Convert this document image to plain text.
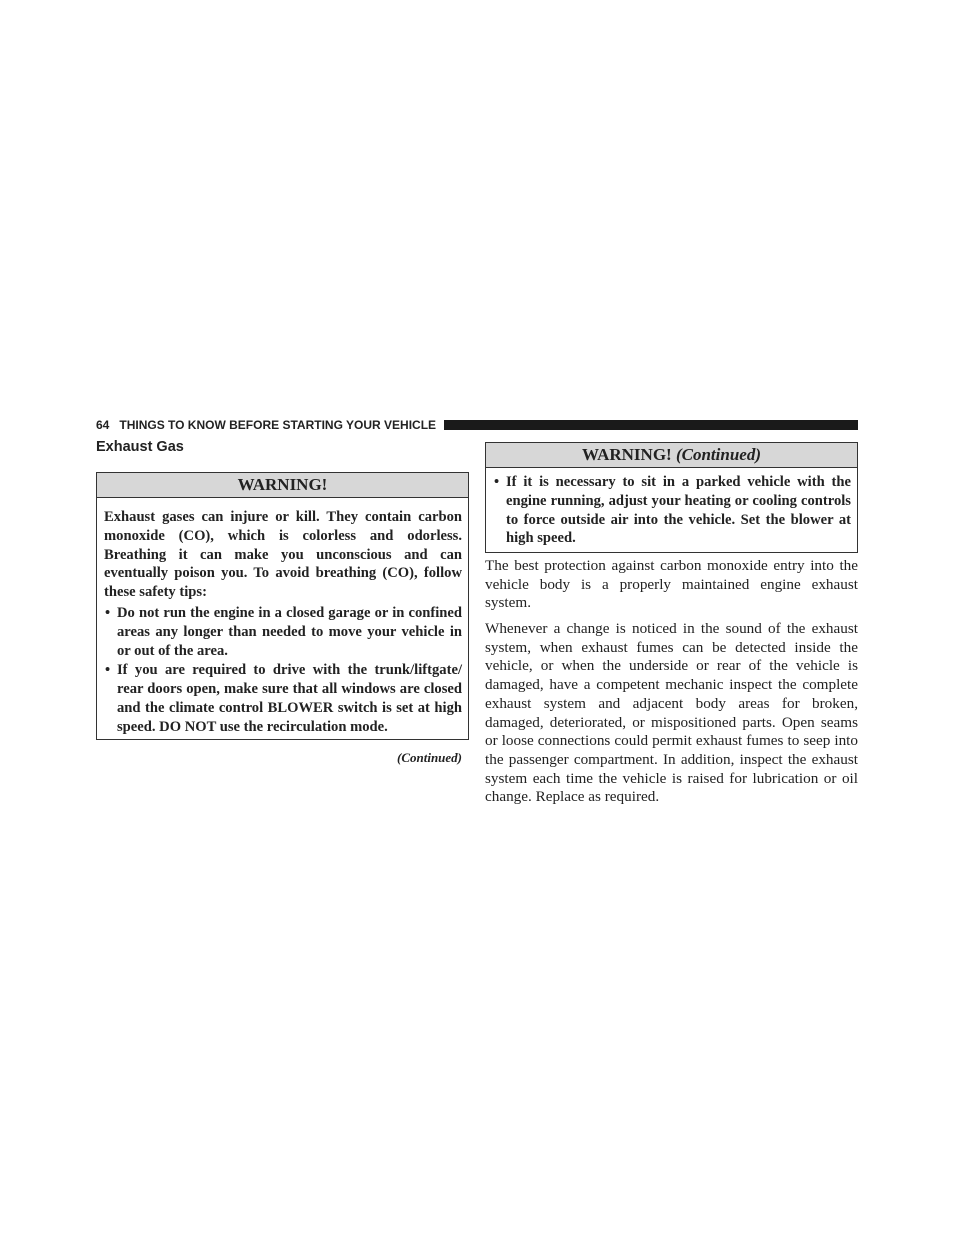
64 THINGS TO KNOW BEFORE STARTING YOUR VEHICLE
Exhaust Gas
WARNING!

Exhaust gases can injure or kill. They contain carbon monoxide (CO), which is colorless and odorless. Breathing it can make you unconscious and can eventually poison you. To avoid breathing (CO), follow these safety tips:

• Do not run the engine in a closed garage or in confined areas any longer than needed to move your vehicle in or out of the area.
• If you are required to drive with the trunk/liftgate/ rear doors open, make sure that all windows are closed and the climate control BLOWER switch is set at high speed. DO NOT use the recirculation mode.
(Continued)
WARNING! (Continued)
• If it is necessary to sit in a parked vehicle with the engine running, adjust your heating or cooling controls to force outside air into the vehicle. Set the blower at high speed.

The best protection against carbon monoxide entry into the vehicle body is a properly maintained engine exhaust system.

Whenever a change is noticed in the sound of the exhaust system, when exhaust fumes can be detected inside the vehicle, or when the underside or rear of the vehicle is damaged, have a competent mechanic inspect the complete exhaust system and adjacent body areas for broken, damaged, deteriorated, or mispositioned parts. Open seams or loose connections could permit exhaust fumes to seep into the passenger compartment. In addition, inspect the exhaust system each time the vehicle is raised for lubrication or oil change. Replace as required.
